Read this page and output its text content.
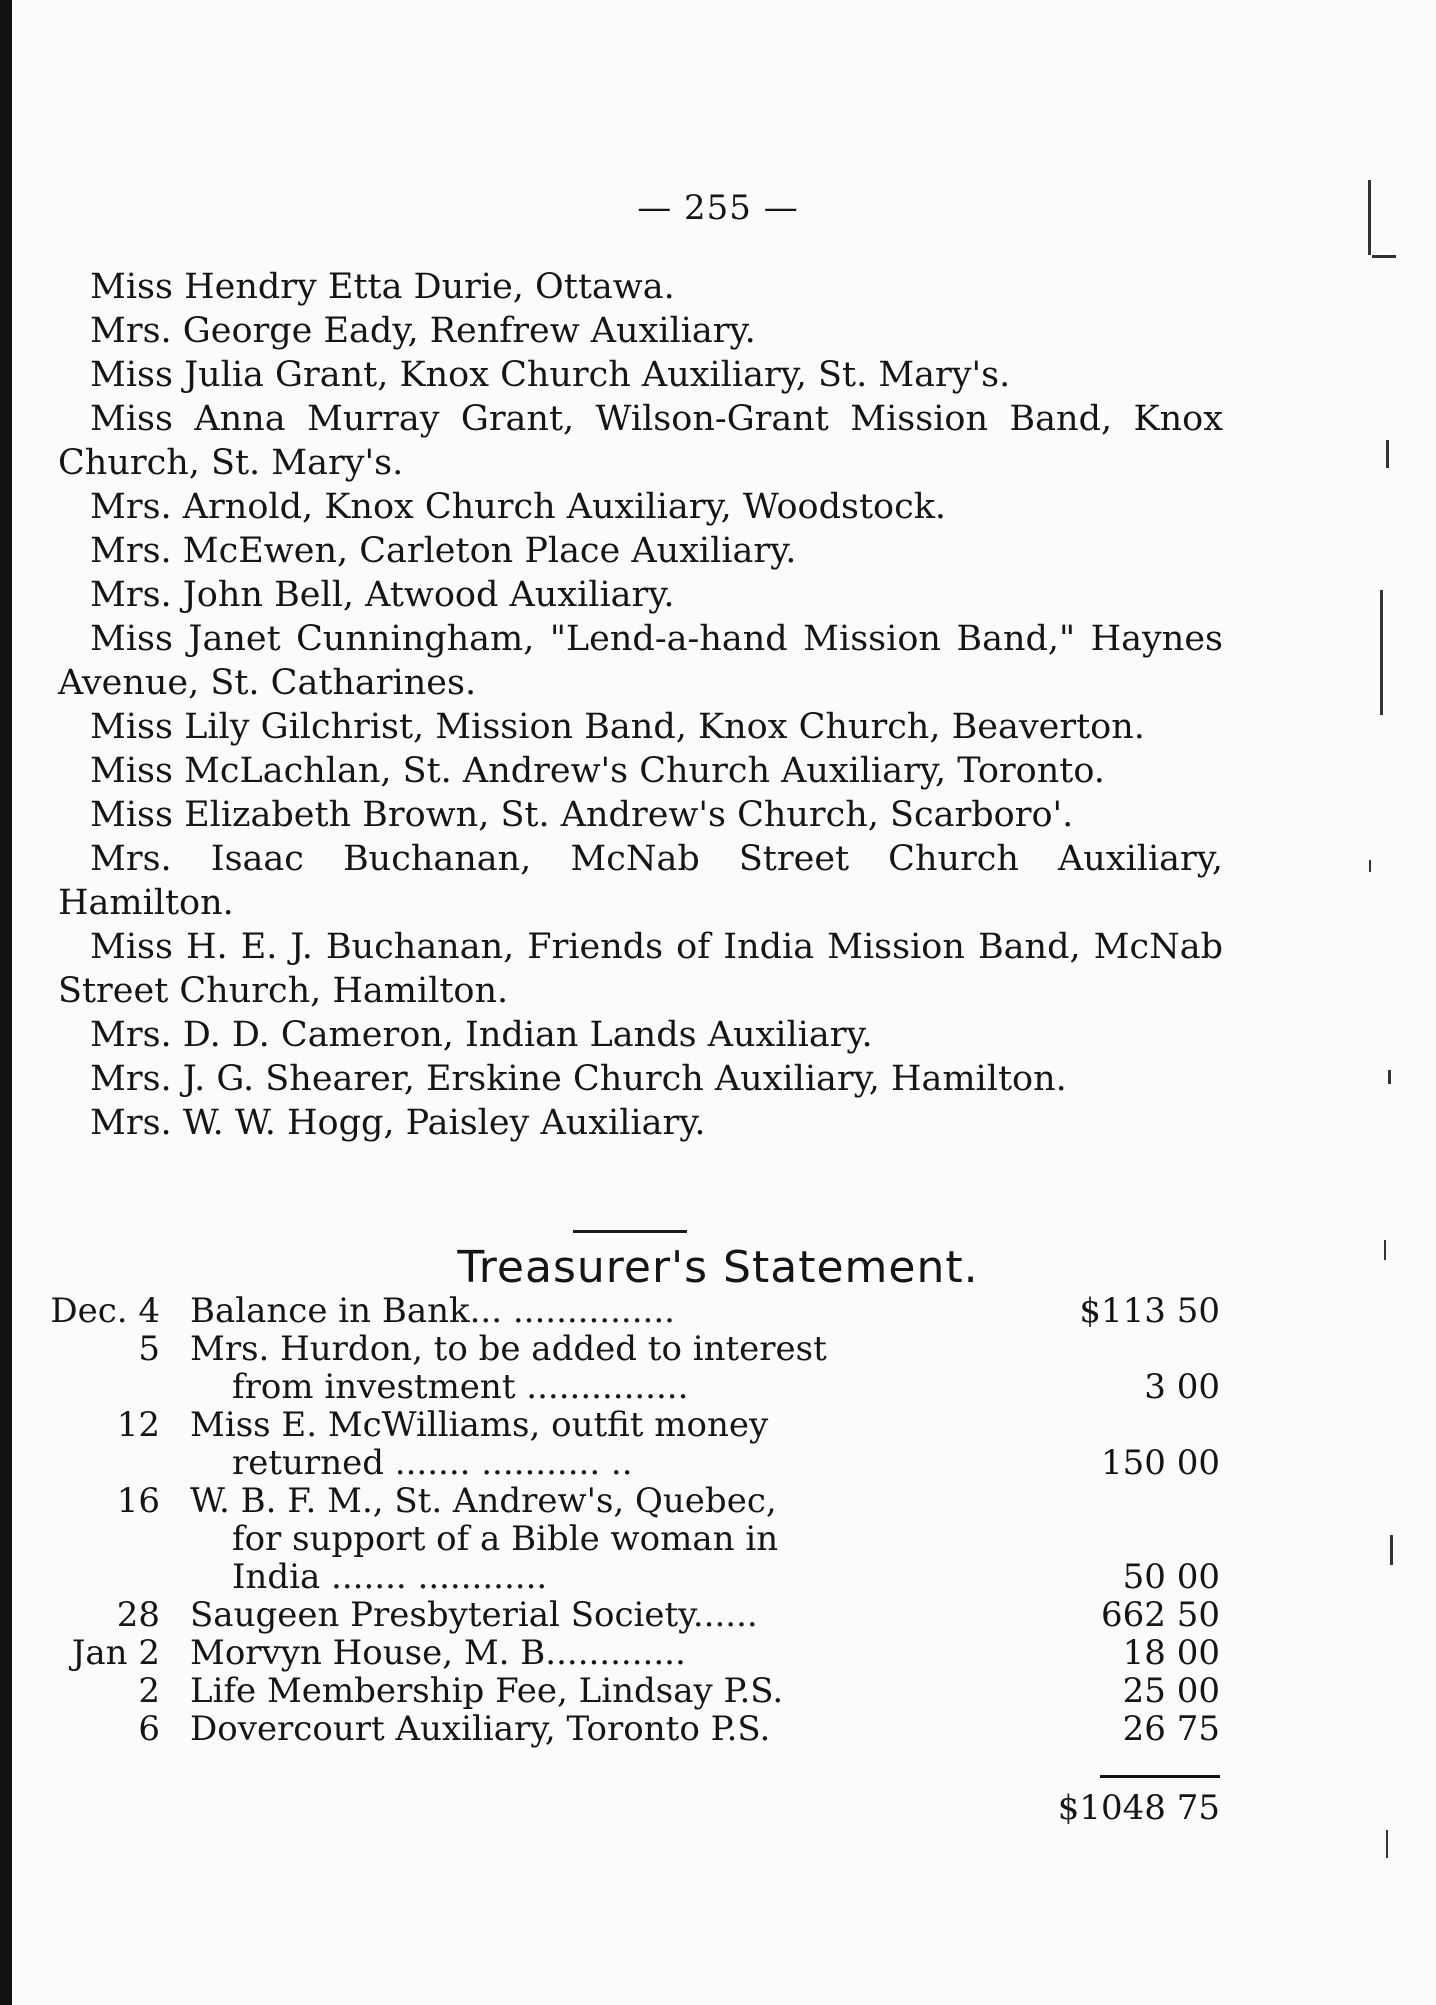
— 255 —

Miss Hendry Etta Durie, Ottawa.

Mrs. George Eady, Renfrew Auxiliary.

Miss Julia Grant, Knox Church Auxiliary, St. Mary's.

Miss Anna Murray Grant, Wilson-Grant Mission Band, Knox Church, St. Mary's.

Mrs. Arnold, Knox Church Auxiliary, Woodstock.

Mrs. McEwen, Carleton Place Auxiliary.

Mrs. John Bell, Atwood Auxiliary.

Miss Janet Cunningham, "Lend-a-hand Mission Band," Haynes Avenue, St. Catharines.

Miss Lily Gilchrist, Mission Band, Knox Church, Beaverton.

Miss McLachlan, St. Andrew's Church Auxiliary, Toronto.

Miss Elizabeth Brown, St. Andrew's Church, Scarboro'.

Mrs. Isaac Buchanan, McNab Street Church Auxiliary, Hamilton.

Miss H. E. J. Buchanan, Friends of India Mission Band, McNab Street Church, Hamilton.

Mrs. D. D. Cameron, Indian Lands Auxiliary.

Mrs. J. G. Shearer, Erskine Church Auxiliary, Hamilton.

Mrs. W. W. Hogg, Paisley Auxiliary.

Treasurer's Statement.
Dec. 4 Balance in Bank... ...............	$113 50
5 Mrs. Hurdon, to be added to interest
from investment ...............	3 00
12 Miss E. McWilliams, outfit money
returned ....... ........... ..	150 00
16 W. B. F. M., St. Andrew's, Quebec,
for support of a Bible woman in
India ....... ............	50 00
28 Saugeen Presbyterial Society......	662 50
Jan 2 Morvyn House, M. B.............	18 00
2 Life Membership Fee, Lindsay P.S.	25 00
6 Dovercourt Auxiliary, Toronto P.S.	26 75
$1048 75
